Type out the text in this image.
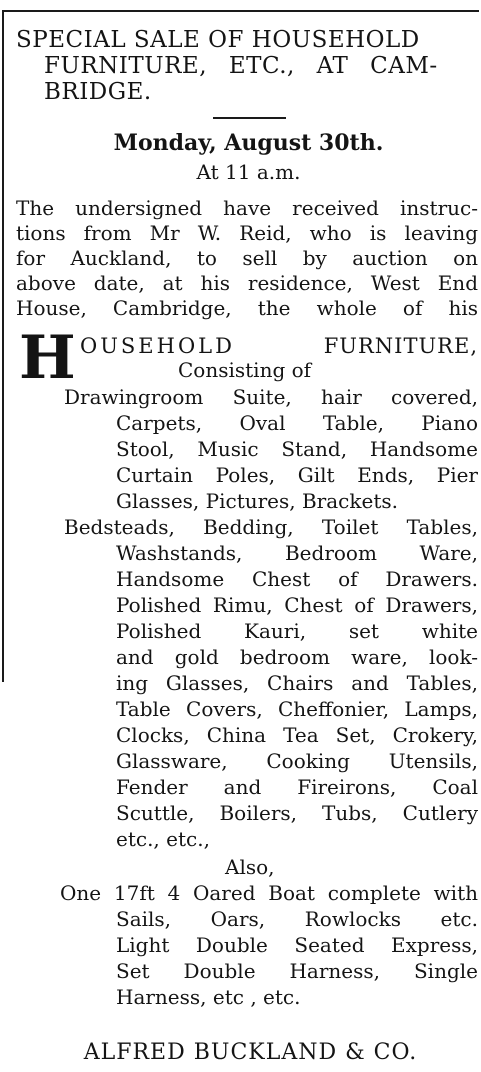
SPECIAL SALE OF HOUSEHOLD
FURNITURE, ETC., AT CAM-
BRIDGE.
Monday, August 30th.
At 11 a.m.
The undersigned have received instruc-
tions from Mr W. Reid, who is leaving
for Auckland, to sell by auction on
above date, at his residence, West End
House, Cambridge, the whole of his
H OUSEHOLD	FURNITURE,
Consisting of
Drawingroom Suite, hair covered,
Carpets, Oval Table, Piano
Stool, Music Stand, Handsome
Curtain Poles, Gilt Ends, Pier
Glasses, Pictures, Brackets.
Bedsteads, Bedding, Toilet Tables,
Washstands, Bedroom Ware,
Handsome Chest of Drawers.
Polished Rimu, Chest of Drawers,
Polished Kauri, set white
and gold bedroom ware, look-
ing Glasses, Chairs and Tables,
Table Covers, Cheffonier, Lamps,
Clocks, China Tea Set, Crokery,
Glassware, Cooking Utensils,
Fender and Fireirons, Coal
Scuttle, Boilers, Tubs, Cutlery
etc., etc.,
Also,
One 17ft 4 Oared Boat complete with
Sails, Oars, Rowlocks etc.
Light Double Seated Express,
Set Double Harness, Single
Harness, etc , etc.
ALFRED BUCKLAND & CO.
